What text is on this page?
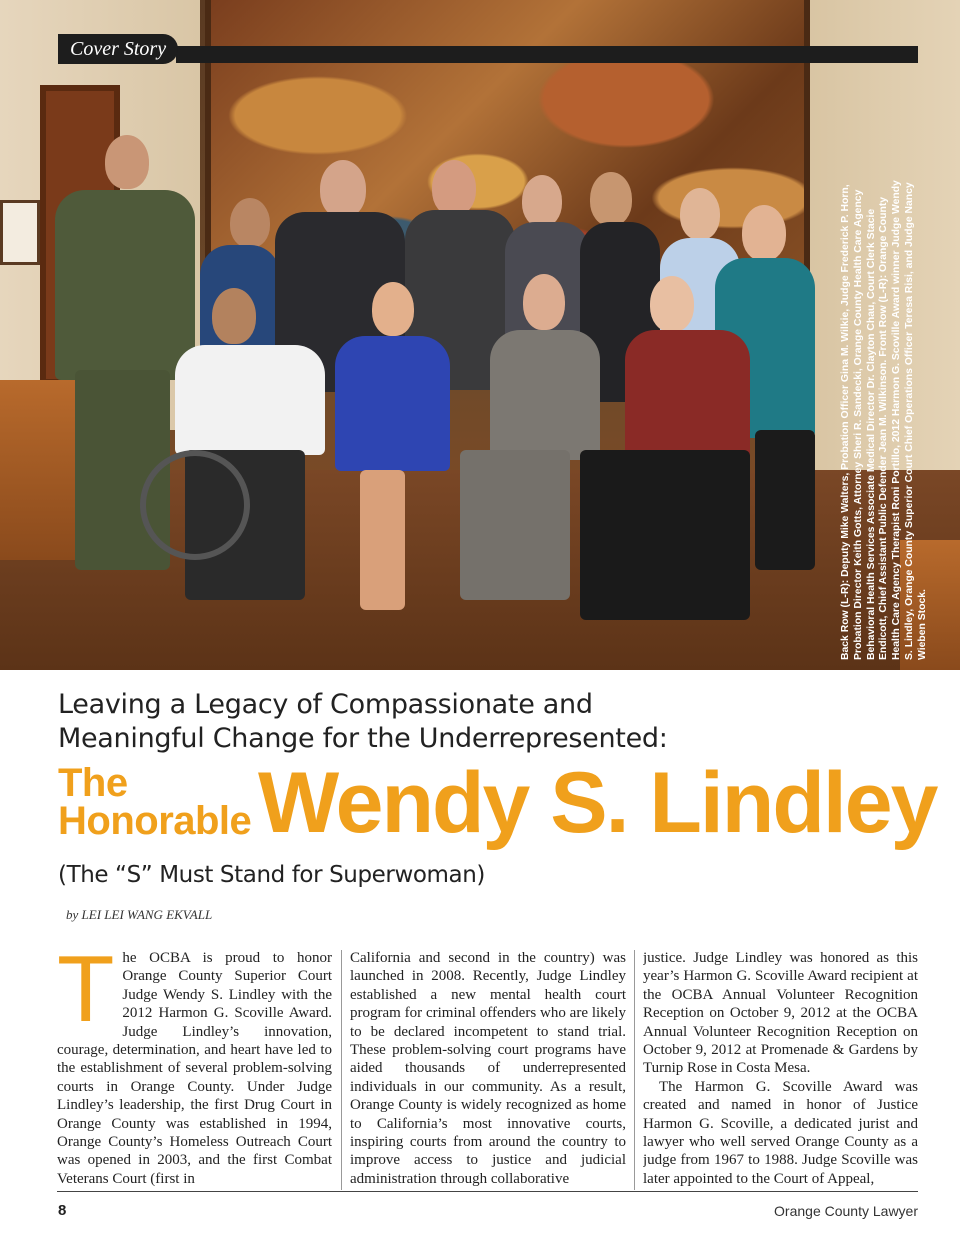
Cover Story

Back Row (L-R): Deputy Mike Walters, Probation Officer Gina M. Wilkie, Judge Frederick P. Horn, Probation Director Keith Gotts, Attorney Sheri R. Sandecki, Orange County Health Care Agency Behavioral Health Services Associate Medical Director Dr. Clayton Chau, Court Clerk Stacie Endicott, Chief Assistant Public Defender Jean M. Wilkinson. Front Row (L-R): Orange County Health Care Agency Therapist Roni Portillo, 2012 Harmon G. Scoville Award winner Judge Wendy S. Lindley, Orange County Superior Court Chief Operations Officer Teresa Risi, and Judge Nancy Wieben Stock.

Leaving a Legacy of Compassionate and
Meaningful Change for the Underrepresented:
The
Honorable Wendy S. Lindley
(The “S” Must Stand for Superwoman)
by LEI LEI WANG EKVALL

The OCBA is proud to honor Orange County Superior Court Judge Wendy S. Lindley with the 2012 Harmon G. Scoville Award. Judge Lindley’s innovation, courage, determination, and heart have led to the establishment of several problem-solving courts in Orange County. Under Judge Lindley’s leadership, the first Drug Court in Orange County was established in 1994, Orange County’s Homeless Outreach Court was opened in 2003, and the first Combat Veterans Court (first in

California and second in the country) was launched in 2008. Recently, Judge Lindley established a new mental health court program for criminal offenders who are likely to be declared incompetent to stand trial. These problem-solving court programs have aided thousands of underrepresented individuals in our community. As a result, Orange County is widely recognized as home to California’s most innovative courts, inspiring courts from around the country to improve access to justice and judicial administration through collaborative

justice. Judge Lindley was honored as this year’s Harmon G. Scoville Award recipient at the OCBA Annual Volunteer Recognition Reception on October 9, 2012 at the OCBA Annual Volunteer Recognition Reception on October 9, 2012 at Promenade & Gardens by Turnip Rose in Costa Mesa.

The Harmon G. Scoville Award was created and named in honor of Justice Harmon G. Scoville, a dedicated jurist and lawyer who well served Orange County as a judge from 1967 to 1988. Judge Scoville was later appointed to the Court of Appeal,

8	Orange County Lawyer
